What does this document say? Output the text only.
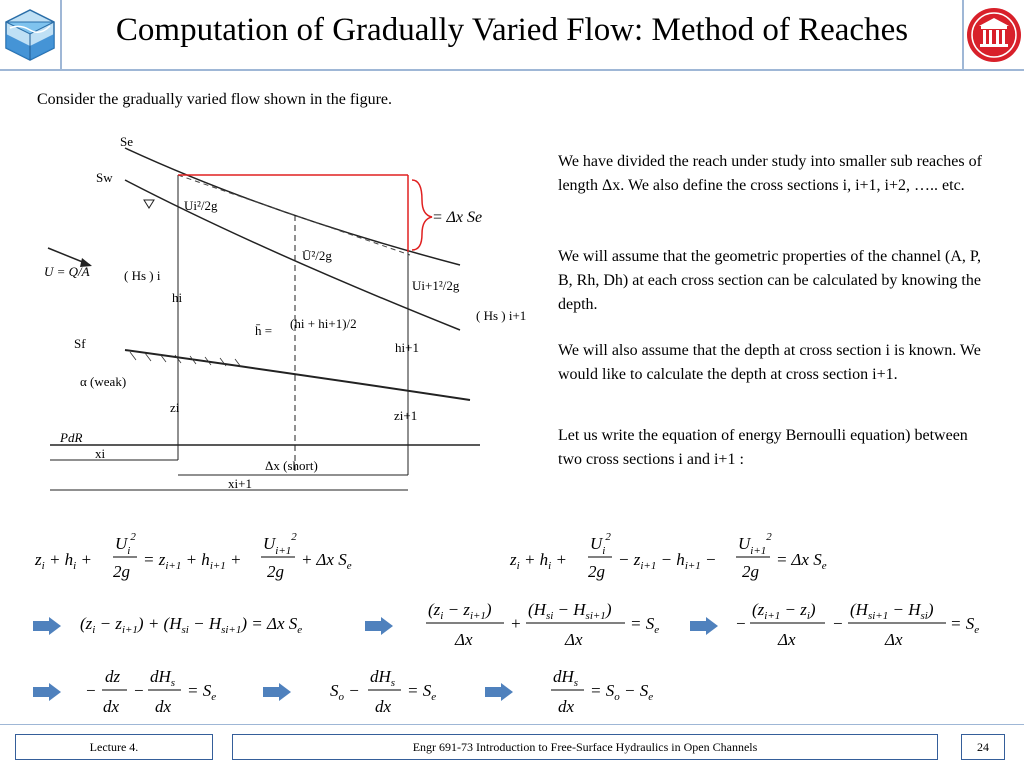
Computation of Gradually Varied Flow: Method of Reaches
Consider the gradually varied flow shown in the figure.
Se
Sw
Sf
α (weak)
PdR
Ui²/2g
Ū²/2g
Ui+1²/2g
( Hs ) i
( Hs ) i+1
hi
h̄ = (hi + hi+1)/2
hi+1
zi
zi+1
xi
Δx (short)
xi+1
U = Q/A
= Δx Se
We have divided the reach under study into smaller sub reaches of length Δx. We also define the cross sections i, i+1, i+2, ….. etc.
We will assume that the geometric properties of the channel (A, P, B, Rh, Dh) at each cross section can be calculated by knowing the depth.
We will also assume that the depth at cross section i is known. We would like to calculate the depth at cross section i+1.
Let us write the equation of energy Bernoulli equation) between two cross sections i and i+1 :
$z_i + h_i$ +
$U_i^2$
2g
= $z_{i+1} + h_{i+1}$ +
$U_{i+1}^2$
2g
+ Δx $S_e$	$z_i + h_i$ +
$U_i^2$
2g
− $z_{i+1} - h_{i+1}$ −
$U_{i+1}^2$
2g
= Δx $S_e$
$(z_i - z_{i+1}) + (H_{si} - H_{si+1}) = \Delta x$ $S_e$
$(z_i - z_{i+1})$
Δx
+
$(H_{si} - H_{si+1})$
Δx
= $S_e$	−
$(z_{i+1} - z_i)$
Δx
−
$(H_{si+1} - H_{si})$
Δx
= $S_e$
−
dz
dx
−
$dH_s$
dx
= $S_e$	$S_o$ −
$dH_s$
dx
= $S_e$
$dH_s$
dx
= $S_o - S_e$
Lecture 4.	Engr 691-73 Introduction to Free-Surface Hydraulics in Open Channels	24
